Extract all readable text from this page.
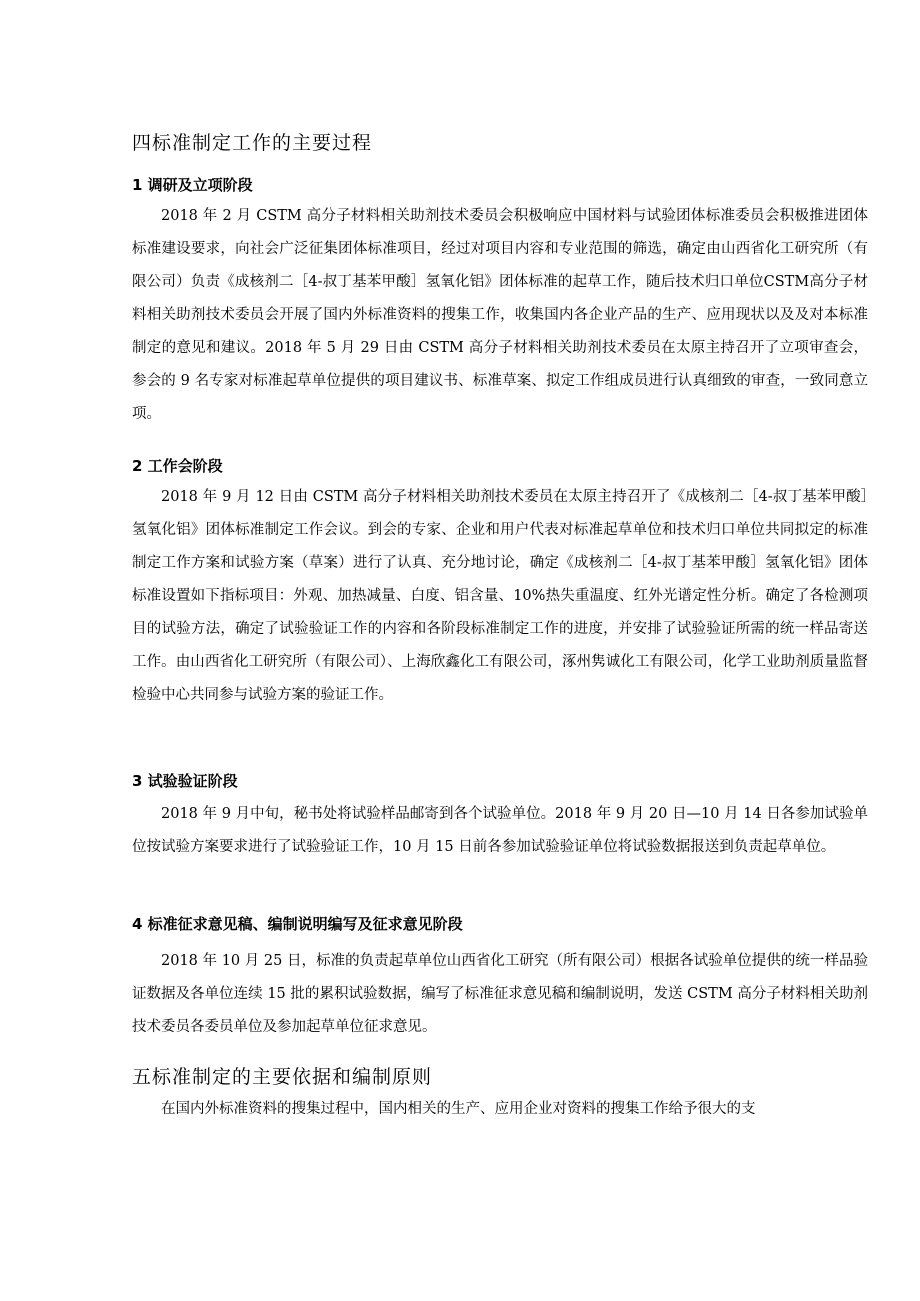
四标准制定工作的主要过程
1 调研及立项阶段

2018 年 2 月 CSTM 高分子材料相关助剂技术委员会积极响应中国材料与试验团体标准委员会积极推进团体标准建设要求，向社会广泛征集团体标准项目，经过对项目内容和专业范围的筛选，确定由山西省化工研究所（有限公司）负责《成核剂二［4-叔丁基苯甲酸］氢氧化铝》团体标准的起草工作，随后技术归口单位CSTM高分子材料相关助剂技术委员会开展了国内外标准资料的搜集工作，收集国内各企业产品的生产、应用现状以及及对本标准制定的意见和建议。2018 年 5 月 29 日由 CSTM 高分子材料相关助剂技术委员在太原主持召开了立项审查会，参会的 9 名专家对标准起草单位提供的项目建议书、标准草案、拟定工作组成员进行认真细致的审查，一致同意立项。

2 工作会阶段

2018 年 9 月 12 日由 CSTM 高分子材料相关助剂技术委员在太原主持召开了《成核剂二［4-叔丁基苯甲酸］氢氧化铝》团体标准制定工作会议。到会的专家、企业和用户代表对标准起草单位和技术归口单位共同拟定的标准制定工作方案和试验方案（草案）进行了认真、充分地讨论，确定《成核剂二［4-叔丁基苯甲酸］氢氧化铝》团体标准设置如下指标项目：外观、加热减量、白度、铝含量、10%热失重温度、红外光谱定性分析。确定了各检测项目的试验方法，确定了试验验证工作的内容和各阶段标准制定工作的进度，并安排了试验验证所需的统一样品寄送工作。由山西省化工研究所（有限公司）、上海欣鑫化工有限公司，涿州隽诚化工有限公司，化学工业助剂质量监督检验中心共同参与试验方案的验证工作。

3 试验验证阶段

2018 年 9 月中旬，秘书处将试验样品邮寄到各个试验单位。2018 年 9 月 20 日—10 月 14 日各参加试验单位按试验方案要求进行了试验验证工作，10 月 15 日前各参加试验验证单位将试验数据报送到负责起草单位。

4 标准征求意见稿、编制说明编写及征求意见阶段

2018 年 10 月 25 日，标准的负责起草单位山西省化工研究（所有限公司）根据各试验单位提供的统一样品验证数据及各单位连续 15 批的累积试验数据，编写了标准征求意见稿和编制说明，发送 CSTM 高分子材料相关助剂技术委员各委员单位及参加起草单位征求意见。

五标准制定的主要依据和编制原则

在国内外标准资料的搜集过程中，国内相关的生产、应用企业对资料的搜集工作给予很大的支
